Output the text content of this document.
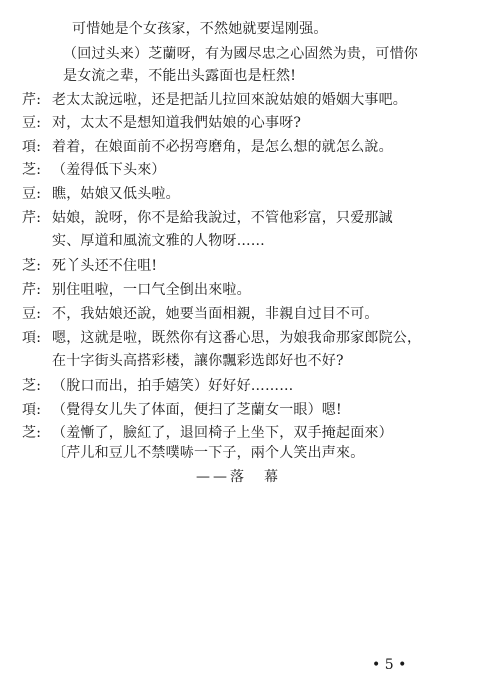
可惜她是个女孩家，不然她就要逞刚强。
（回过头来）芝蘭呀，有为國尽忠之心固然为贵，可惜你
是女流之辈，不能出头露面也是枉然!
芹: 老太太說远啦，还是把話儿拉回來說姑娘的婚姻大事吧。
豆: 对，太太不是想知道我們姑娘的心事呀?
項: 着着，在娘面前不必拐弯磨角，是怎么想的就怎么說。
芝: （羞得低下头來）
豆: 瞧，姑娘又低头啦。
芹: 姑娘，說呀，你不是給我說过，不管他彩富，只爱那誠
实、厚道和風流文雅的人物呀……
芝: 死丫头还不住咀!
芹: 别住咀啦，一口气全倒出來啦。
豆: 不，我姑娘还說，她要当面相親，非親自过目不可。
項: 嗯，这就是啦，既然你有这番心思，为娘我命那家郎院公，
在十字街头高搭彩楼，讓你飄彩选郎好也不好?
芝: （脫口而出，拍手嬉笑）好好好………
項: （覺得女儿失了体面，便扫了芝蘭女一眼）嗯!
芝: （羞慚了，臉紅了，退回椅子上坐下，双手掩起面來）
〔芹儿和豆儿不禁噗哧一下子，兩个人笑出声來。
——落　幕
• 5 •
